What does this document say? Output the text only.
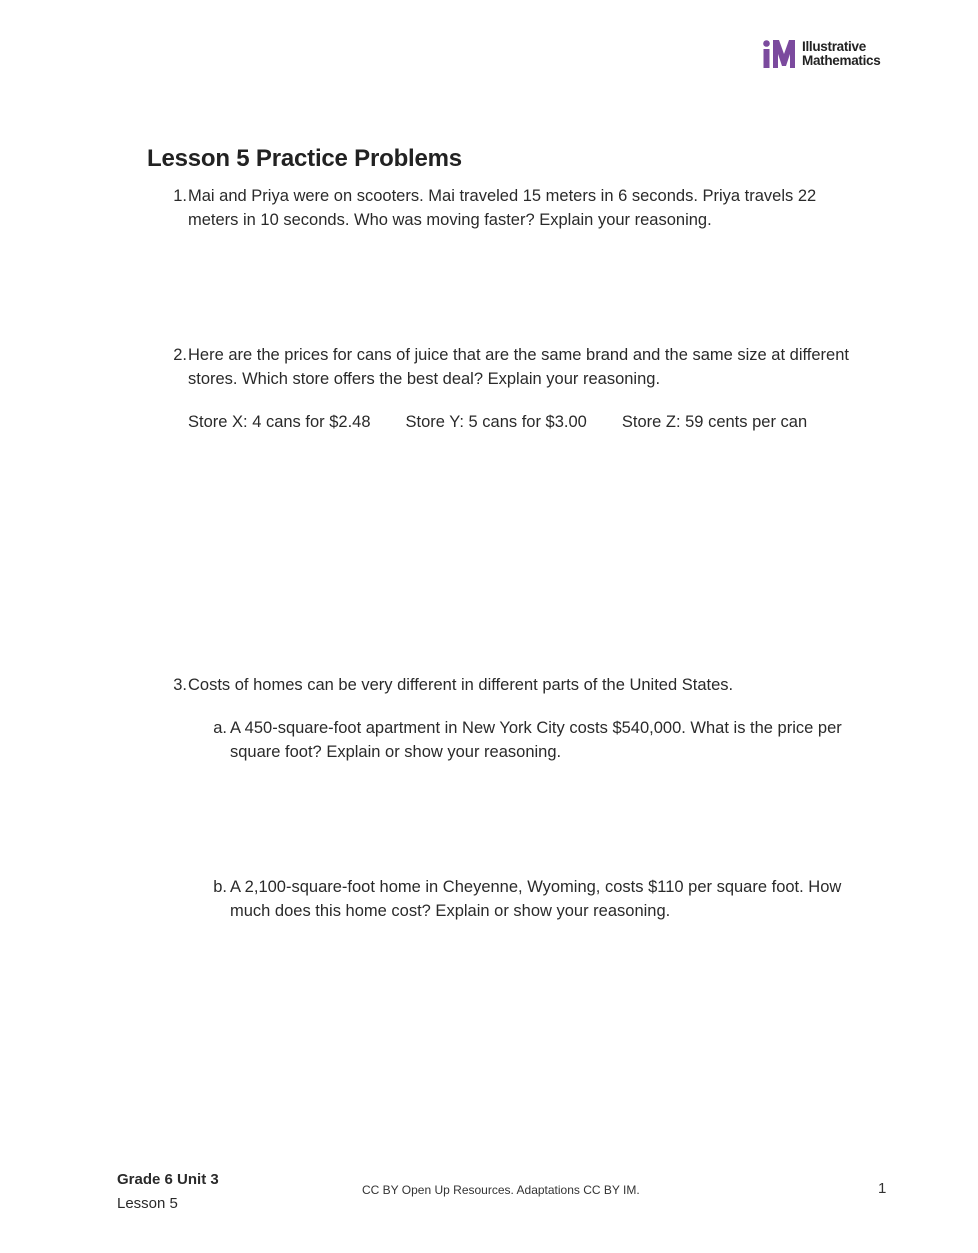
Illustrative
Mathematics
Lesson 5 Practice Problems
1. Mai and Priya were on scooters. Mai traveled 15 meters in 6 seconds. Priya travels 22 meters in 10 seconds. Who was moving faster? Explain your reasoning.
2. Here are the prices for cans of juice that are the same brand and the same size at different stores. Which store offers the best deal? Explain your reasoning.
Store X: 4 cans for $2.48 Store Y: 5 cans for $3.00 Store Z: 59 cents per can
3. Costs of homes can be very different in different parts of the United States.
a. A 450-square-foot apartment in New York City costs $540,000. What is the price per square foot? Explain or show your reasoning.
b. A 2,100-square-foot home in Cheyenne, Wyoming, costs $110 per square foot. How much does this home cost? Explain or show your reasoning.
Grade 6 Unit 3
Lesson 5
CC BY Open Up Resources. Adaptations CC BY IM.	1
